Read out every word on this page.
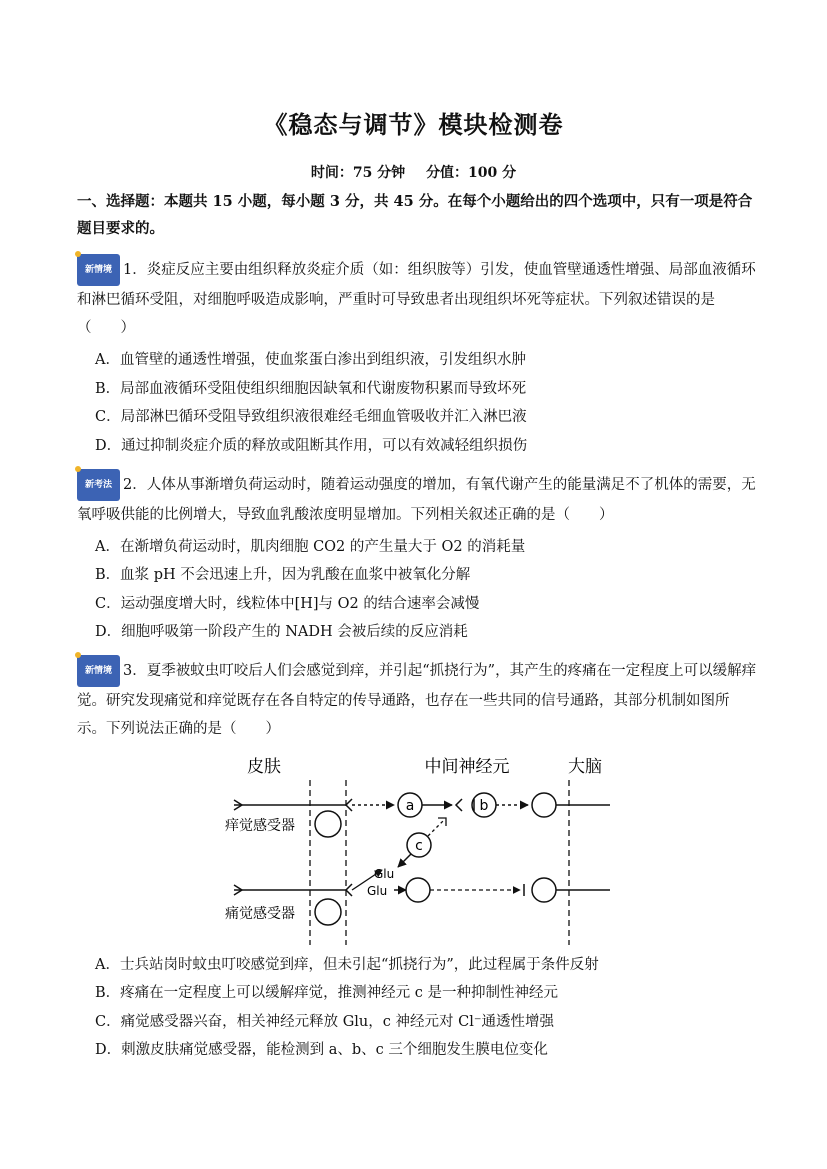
《稳态与调节》模块检测卷
时间：75 分钟 分值：100 分
一、选择题：本题共 15 小题，每小题 3 分，共 45 分。在每个小题给出的四个选项中，只有一项是符合题目要求的。
新情境 1．炎症反应主要由组织释放炎症介质（如：组织胺等）引发，使血管壁通透性增强、局部血液循环和淋巴循环受阻，对细胞呼吸造成影响，严重时可导致患者出现组织坏死等症状。下列叙述错误的是（　　）
A．血管壁的通透性增强，使血浆蛋白渗出到组织液，引发组织水肿
B．局部血液循环受阻使组织细胞因缺氧和代谢废物积累而导致坏死
C．局部淋巴循环受阻导致组织液很难经毛细血管吸收并汇入淋巴液
D．通过抑制炎症介质的释放或阻断其作用，可以有效减轻组织损伤
新考法 2．人体从事渐增负荷运动时，随着运动强度的增加，有氧代谢产生的能量满足不了机体的需要，无氧呼吸供能的比例增大，导致血乳酸浓度明显增加。下列相关叙述正确的是（　　）
A．在渐增负荷运动时，肌肉细胞 CO2 的产生量大于 O2 的消耗量
B．血浆 pH 不会迅速上升，因为乳酸在血浆中被氧化分解
C．运动强度增大时，线粒体中[H]与 O2 的结合速率会减慢
D．细胞呼吸第一阶段产生的 NADH 会被后续的反应消耗
新情境 3．夏季被蚊虫叮咬后人们会感觉到痒，并引起“抓挠行为”，其产生的疼痛在一定程度上可以缓解痒觉。研究发现痛觉和痒觉既存在各自特定的传导通路，也存在一些共同的信号通路，其部分机制如图所示。下列说法正确的是（　　）
皮肤	中间神经元	大脑
a	b
痒觉感受器
c
Glu
Glu
痛觉感受器
A．士兵站岗时蚊虫叮咬感觉到痒，但未引起“抓挠行为”，此过程属于条件反射
B．疼痛在一定程度上可以缓解痒觉，推测神经元 c 是一种抑制性神经元
C．痛觉感受器兴奋，相关神经元释放 Glu，c 神经元对 Cl⁻通透性增强
D．刺激皮肤痛觉感受器，能检测到 a、b、c 三个细胞发生膜电位变化
